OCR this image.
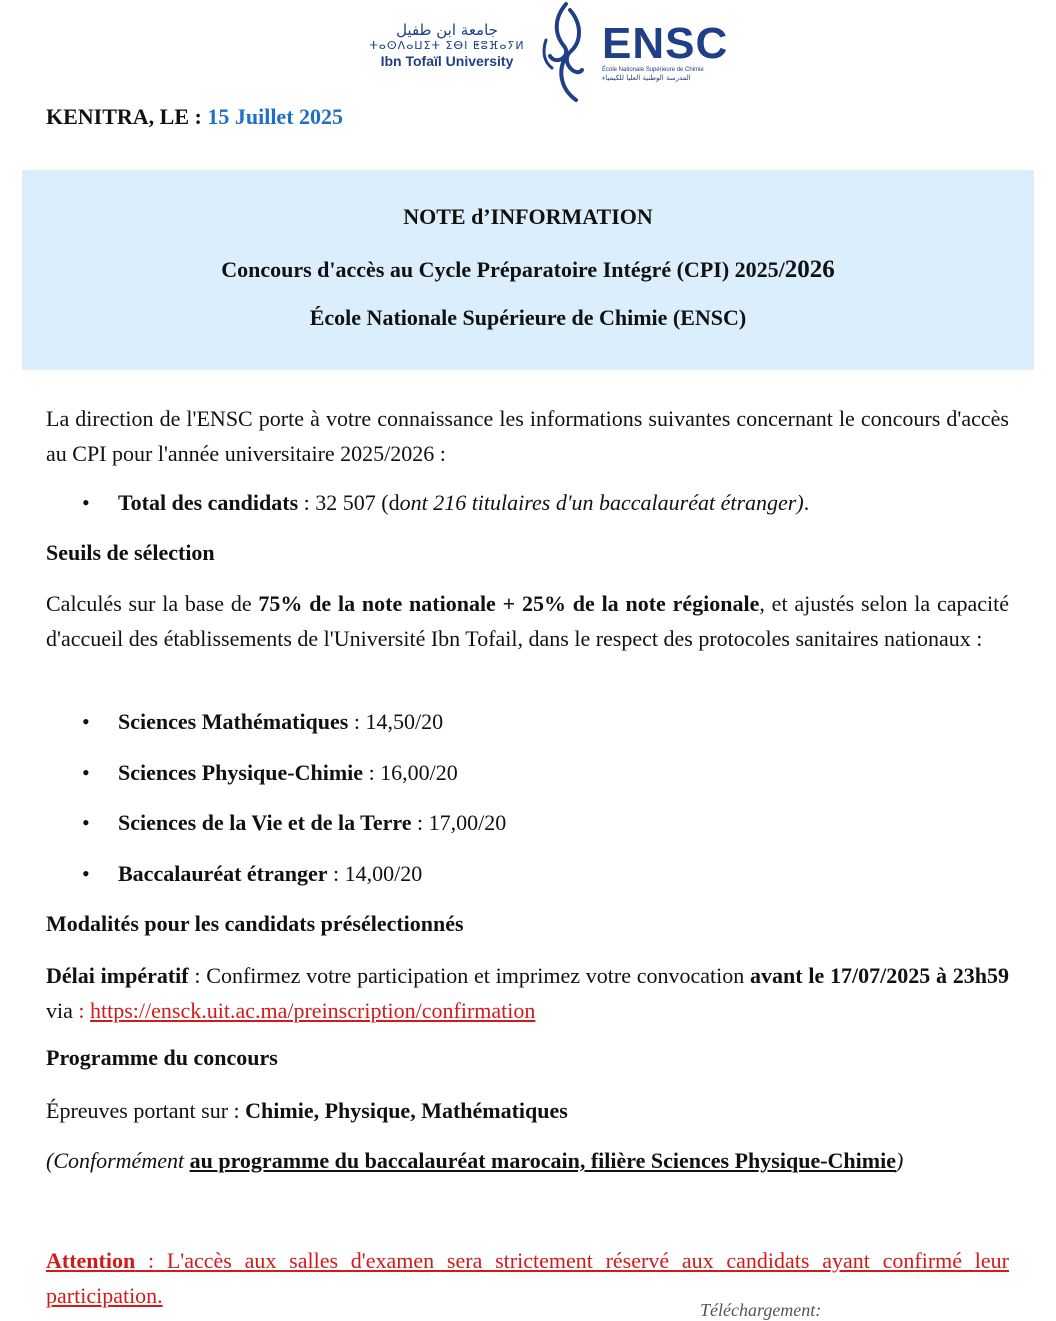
جامعة ابن طفيل
ⵜⴰⵙⴷⴰⵡⵉⵜ ⵉⴱⵏ ⵟⵓⴼⴰⵢⵍ
Ibn Tofaïl University	ENSC
École Nationale Supérieure de Chimie
المدرسة الوطنية العليا للكيمياء
KENITRA, LE : 15 Juillet 2025
NOTE d’INFORMATION
Concours d'accès au Cycle Préparatoire Intégré (CPI) 2025/2026
École Nationale Supérieure de Chimie (ENSC)
La direction de l'ENSC porte à votre connaissance les informations suivantes concernant le concours d'accès au CPI pour l'année universitaire 2025/2026 :
• Total des candidats : 32 507 (dont 216 titulaires d'un baccalauréat étranger).
Seuils de sélection
Calculés sur la base de 75% de la note nationale + 25% de la note régionale, et ajustés selon la capacité d'accueil des établissements de l'Université Ibn Tofail, dans le respect des protocoles sanitaires nationaux :
• Sciences Mathématiques : 14,50/20
• Sciences Physique-Chimie : 16,00/20
• Sciences de la Vie et de la Terre : 17,00/20
• Baccalauréat étranger : 14,00/20
Modalités pour les candidats présélectionnés
Délai impératif : Confirmez votre participation et imprimez votre convocation avant le 17/07/2025 à 23h59 via : https://ensck.uit.ac.ma/preinscription/confirmation
Programme du concours
Épreuves portant sur : Chimie, Physique, Mathématiques
(Conformément au programme du baccalauréat marocain, filière Sciences Physique-Chimie)
Attention : L'accès aux salles d'examen sera strictement réservé aux candidats ayant confirmé leur participation.
Téléchargement:
